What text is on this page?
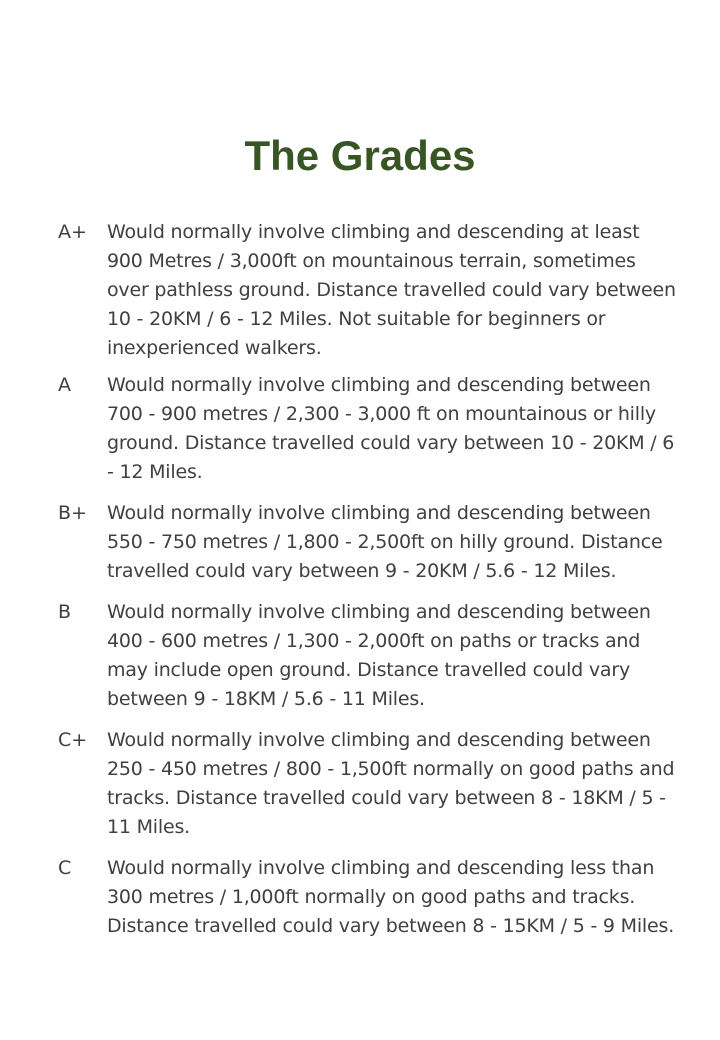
The Grades
A+	Would normally involve climbing and descending at least 900 Metres / 3,000ft on mountainous terrain, sometimes over pathless ground. Distance travelled could vary between 10 - 20KM / 6 - 12 Miles. Not suitable for beginners or inexperienced walkers.
A	Would normally involve climbing and descending between 700 - 900 metres / 2,300 - 3,000 ft on mountainous or hilly ground. Distance travelled could vary between 10 - 20KM / 6 - 12 Miles.
B+	Would normally involve climbing and descending between 550 - 750 metres / 1,800 - 2,500ft on hilly ground. Distance travelled could vary between 9 - 20KM / 5.6 - 12 Miles.
B	Would normally involve climbing and descending between 400 - 600 metres / 1,300 - 2,000ft on paths or tracks and may include open ground. Distance travelled could vary between 9 - 18KM / 5.6 - 11 Miles.
C+	Would normally involve climbing and descending between 250 - 450 metres / 800 - 1,500ft normally on good paths and tracks. Distance travelled could vary between 8 - 18KM / 5 - 11 Miles.
C	Would normally involve climbing and descending less than 300 metres / 1,000ft normally on good paths and tracks. Distance travelled could vary between 8 - 15KM / 5 - 9 Miles.
